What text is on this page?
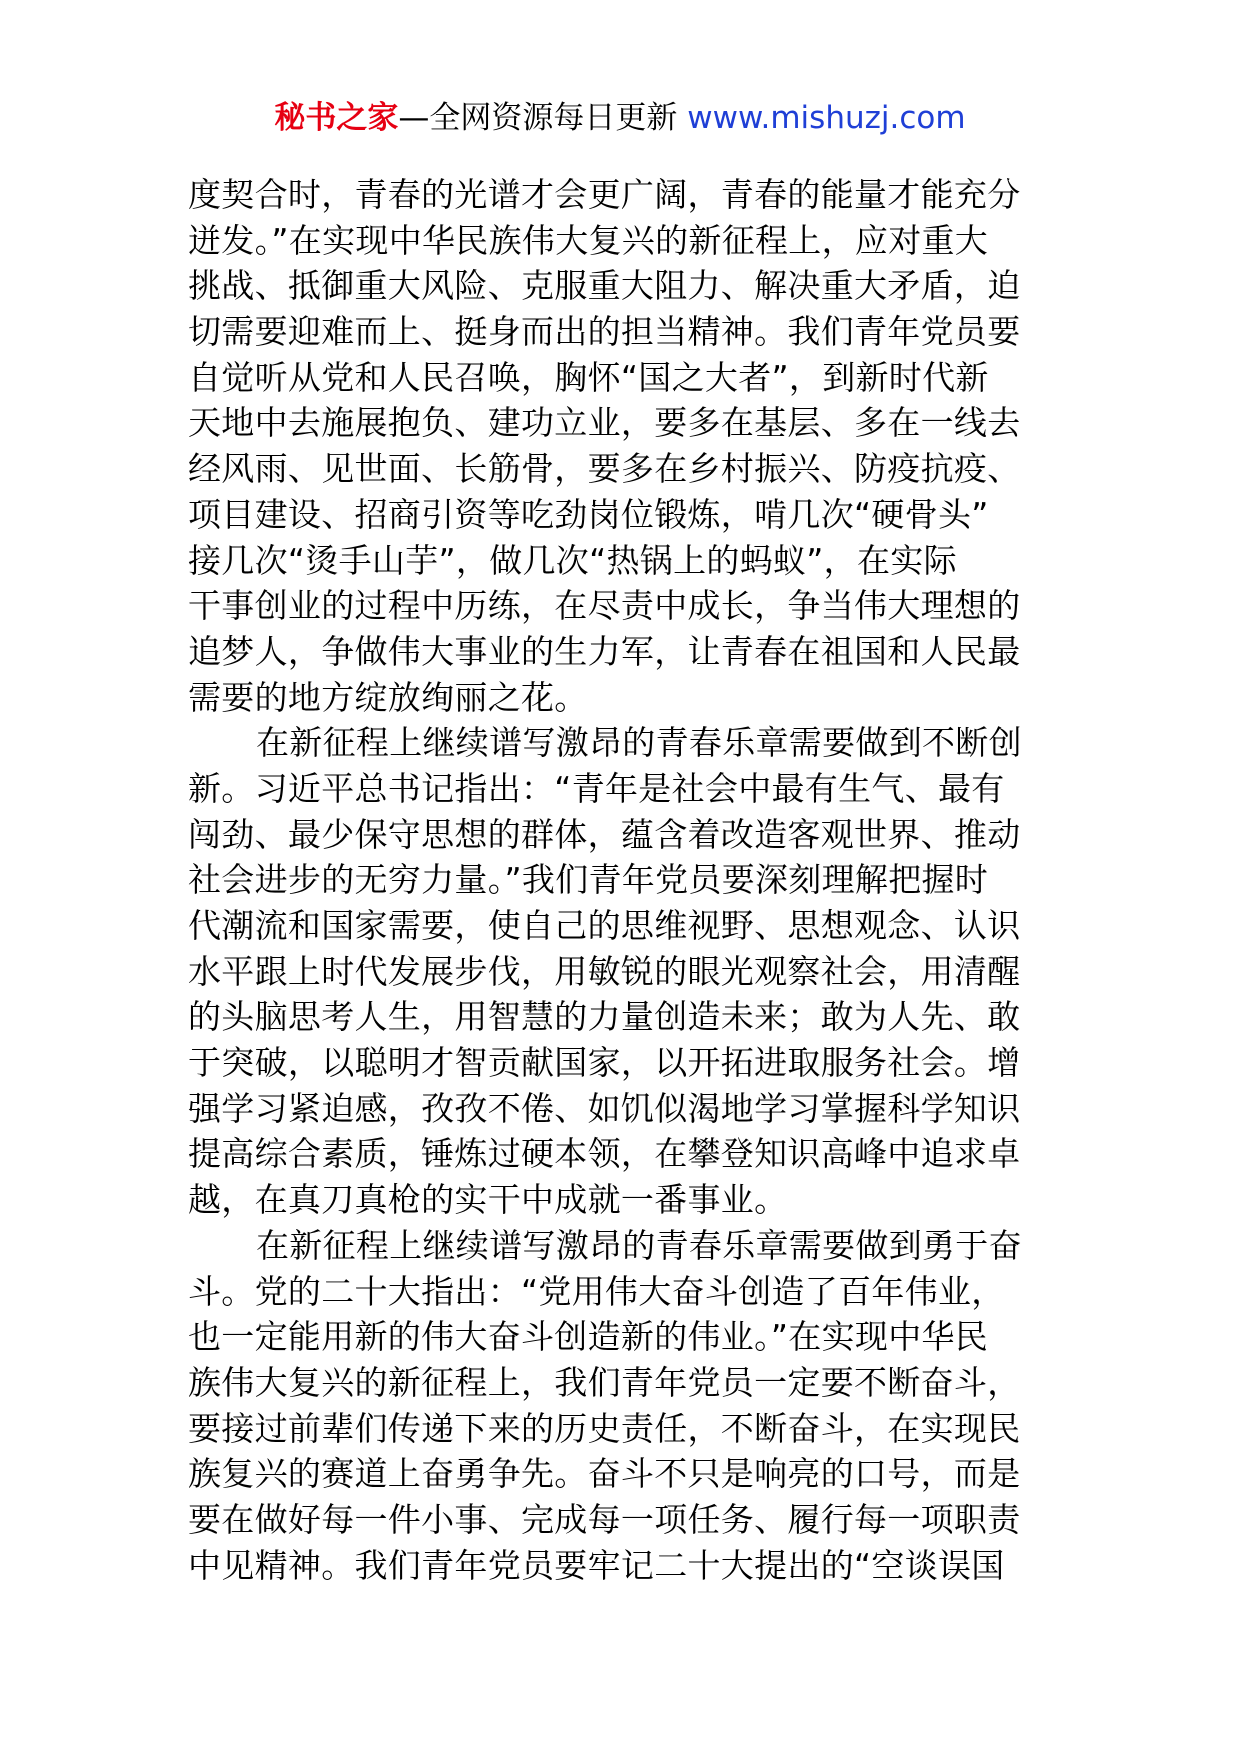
秘书之家—全网资源每日更新 www.mishuzj.com
度契合时，青春的光谱才会更广阔，青春的能量才能充分
迸发。”在实现中华民族伟大复兴的新征程上，应对重大
挑战、抵御重大风险、克服重大阻力、解决重大矛盾，迫
切需要迎难而上、挺身而出的担当精神。我们青年党员要
自觉听从党和人民召唤，胸怀“国之大者”，到新时代新
天地中去施展抱负、建功立业，要多在基层、多在一线去
经风雨、见世面、长筋骨，要多在乡村振兴、防疫抗疫、
项目建设、招商引资等吃劲岗位锻炼，啃几次“硬骨头”
接几次“烫手山芋”，做几次“热锅上的蚂蚁”，在实际
干事创业的过程中历练，在尽责中成长，争当伟大理想的
追梦人，争做伟大事业的生力军，让青春在祖国和人民最
需要的地方绽放绚丽之花。
在新征程上继续谱写激昂的青春乐章需要做到不断创
新。习近平总书记指出：“青年是社会中最有生气、最有
闯劲、最少保守思想的群体，蕴含着改造客观世界、推动
社会进步的无穷力量。”我们青年党员要深刻理解把握时
代潮流和国家需要，使自己的思维视野、思想观念、认识
水平跟上时代发展步伐，用敏锐的眼光观察社会，用清醒
的头脑思考人生，用智慧的力量创造未来；敢为人先、敢
于突破，以聪明才智贡献国家，以开拓进取服务社会。增
强学习紧迫感，孜孜不倦、如饥似渴地学习掌握科学知识
提高综合素质，锤炼过硬本领，在攀登知识高峰中追求卓
越，在真刀真枪的实干中成就一番事业。
在新征程上继续谱写激昂的青春乐章需要做到勇于奋
斗。党的二十大指出：“党用伟大奋斗创造了百年伟业，
也一定能用新的伟大奋斗创造新的伟业。”在实现中华民
族伟大复兴的新征程上，我们青年党员一定要不断奋斗，
要接过前辈们传递下来的历史责任，不断奋斗，在实现民
族复兴的赛道上奋勇争先。奋斗不只是响亮的口号，而是
要在做好每一件小事、完成每一项任务、履行每一项职责
中见精神。我们青年党员要牢记二十大提出的“空谈误国
